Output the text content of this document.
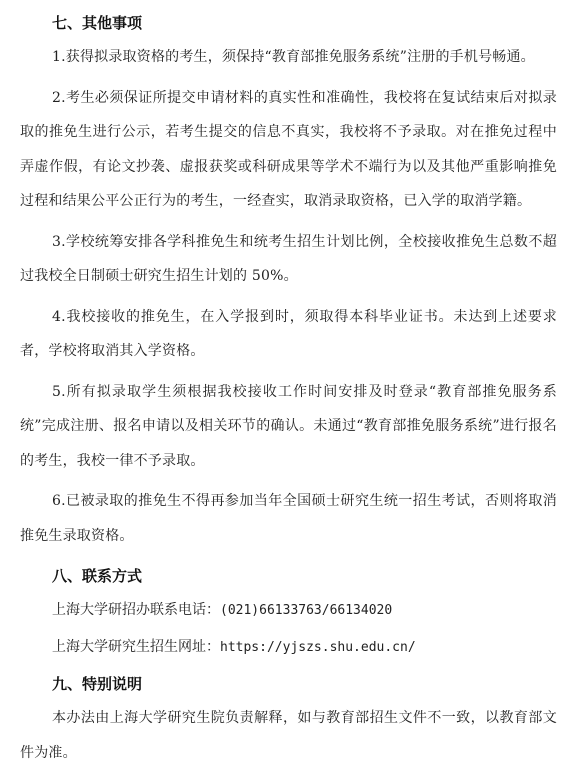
七、其他事项

1.获得拟录取资格的考生，须保持“教育部推免服务系统”注册的手机号畅通。

2.考生必须保证所提交申请材料的真实性和准确性，我校将在复试结束后对拟录取的推免生进行公示，若考生提交的信息不真实，我校将不予录取。对在推免过程中弄虚作假，有论文抄袭、虚报获奖或科研成果等学术不端行为以及其他严重影响推免过程和结果公平公正行为的考生，一经查实，取消录取资格，已入学的取消学籍。

3.学校统筹安排各学科推免生和统考生招生计划比例，全校接收推免生总数不超过我校全日制硕士研究生招生计划的 50%。

4.我校接收的推免生，在入学报到时，须取得本科毕业证书。未达到上述要求者，学校将取消其入学资格。

5.所有拟录取学生须根据我校接收工作时间安排及时登录“教育部推免服务系统”完成注册、报名申请以及相关环节的确认。未通过“教育部推免服务系统”进行报名的考生，我校一律不予录取。

6.已被录取的推免生不得再参加当年全国硕士研究生统一招生考试，否则将取消推免生录取资格。

八、联系方式

上海大学研招办联系电话：(021)66133763/66134020

上海大学研究生招生网址：https://yjszs.shu.edu.cn/

九、特别说明

本办法由上海大学研究生院负责解释，如与教育部招生文件不一致，以教育部文件为准。
